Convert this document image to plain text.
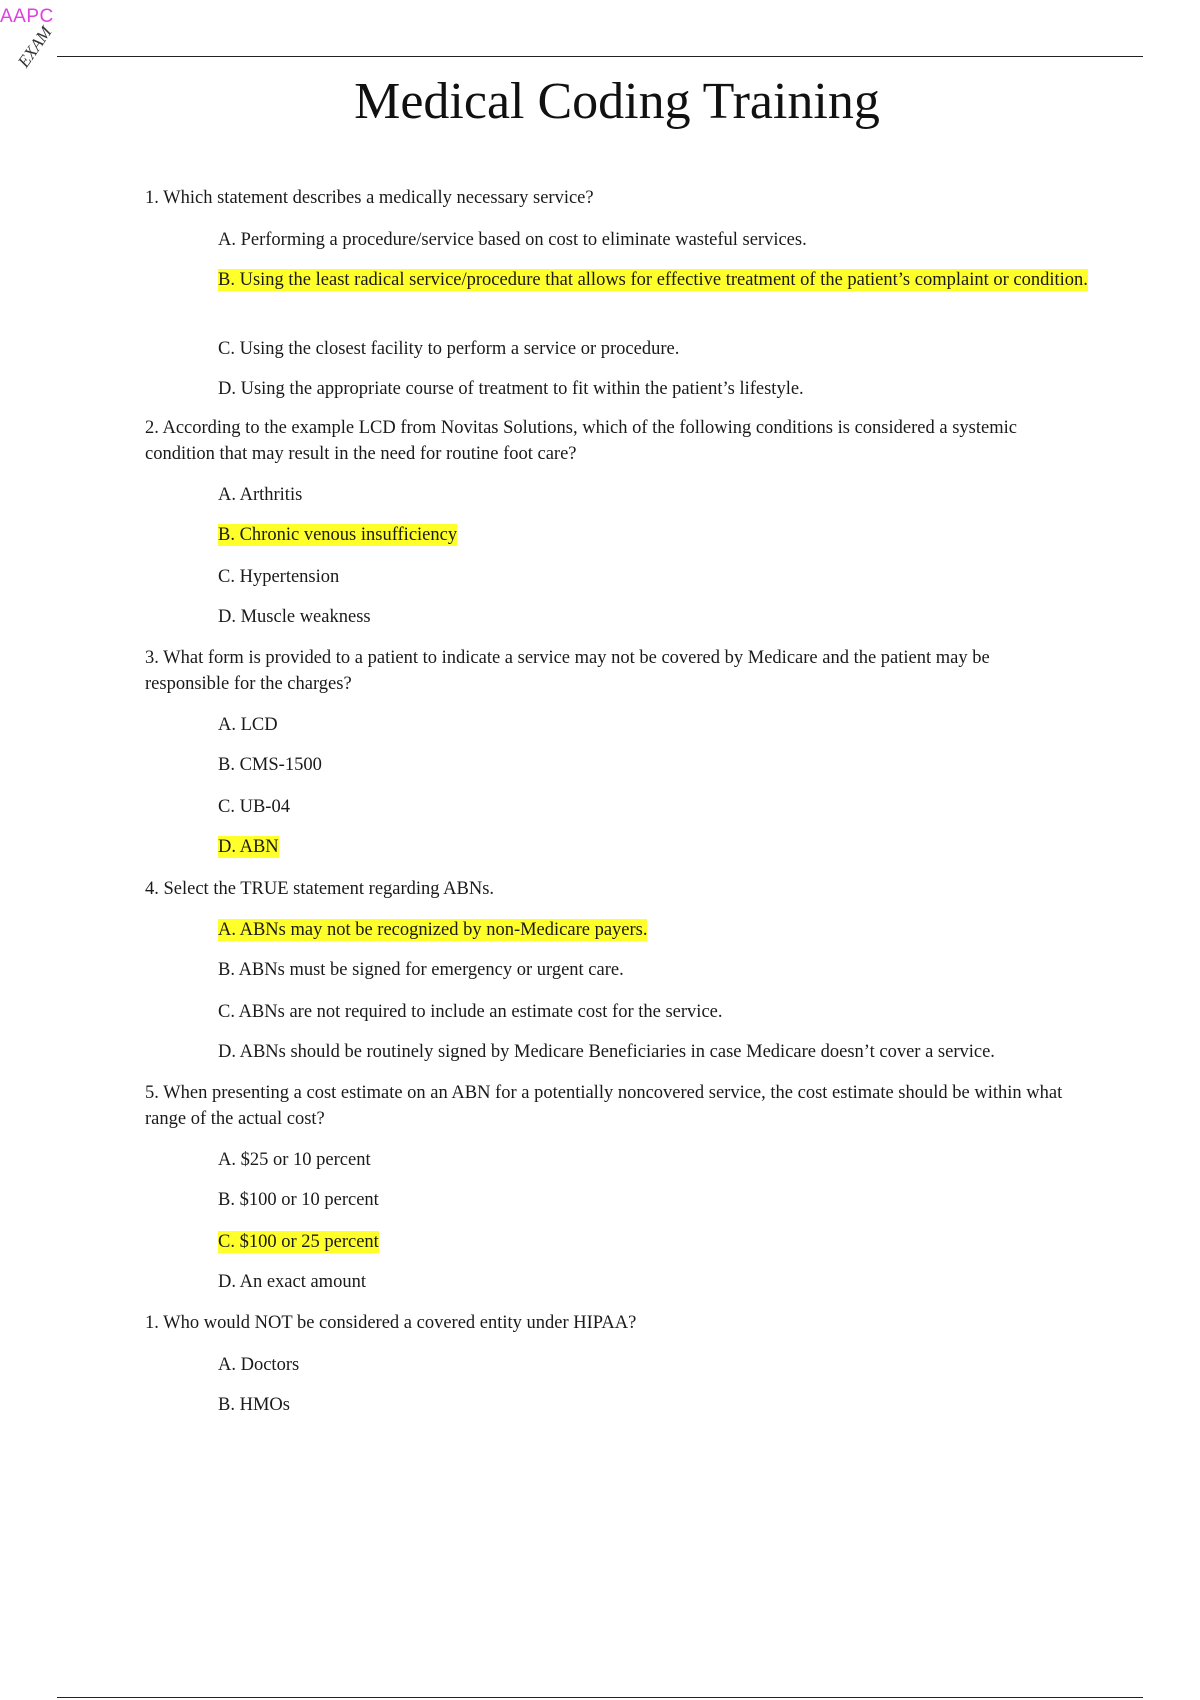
AAPC
EXAM
Medical Coding Training
1. Which statement describes a medically necessary service?
A. Performing a procedure/service based on cost to eliminate wasteful services.
B. Using the least radical service/procedure that allows for effective treatment of the patient’s complaint or condition.
C. Using the closest facility to perform a service or procedure.
D. Using the appropriate course of treatment to fit within the patient’s lifestyle.
2. According to the example LCD from Novitas Solutions, which of the following conditions is considered a systemic condition that may result in the need for routine foot care?
A. Arthritis
B. Chronic venous insufficiency
C. Hypertension
D. Muscle weakness
3. What form is provided to a patient to indicate a service may not be covered by Medicare and the patient may be responsible for the charges?
A. LCD
B. CMS-1500
C. UB-04
D. ABN
4. Select the TRUE statement regarding ABNs.
A. ABNs may not be recognized by non-Medicare payers.
B. ABNs must be signed for emergency or urgent care.
C. ABNs are not required to include an estimate cost for the service.
D. ABNs should be routinely signed by Medicare Beneficiaries in case Medicare doesn’t cover a service.
5. When presenting a cost estimate on an ABN for a potentially noncovered service, the cost estimate should be within what range of the actual cost?
A. $25 or 10 percent
B. $100 or 10 percent
C. $100 or 25 percent
D. An exact amount
1. Who would NOT be considered a covered entity under HIPAA?
A. Doctors
B. HMOs
